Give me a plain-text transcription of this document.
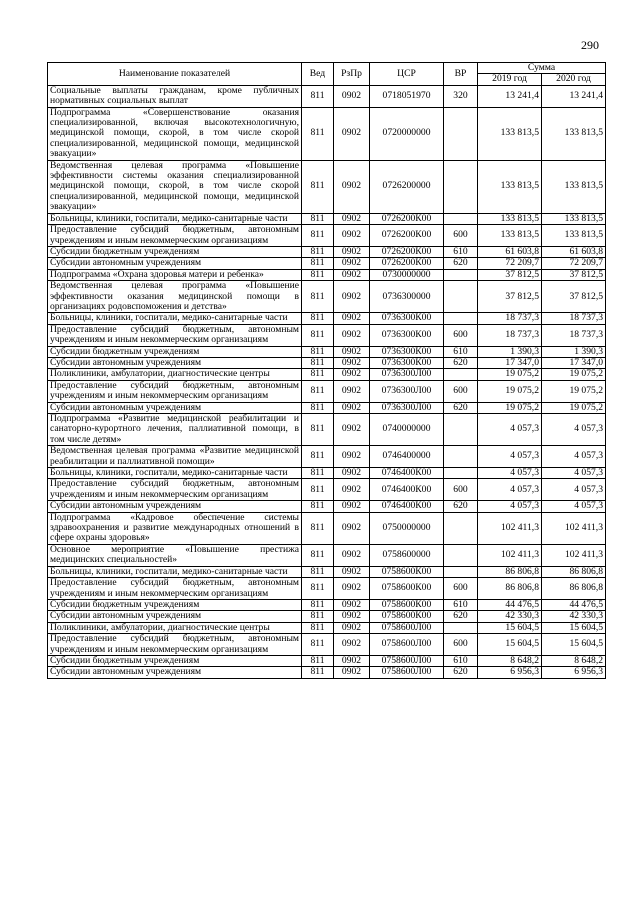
290
Наименование показателей	Вед	РзПр	ЦСР	ВР	Сумма	
					2019 год	2020 год
Социальные выплаты гражданам, кроме публичных нормативных социальных выплат	811	0902	0718051970	320	13 241,4	13 241,4
Подпрограмма «Совершенствование оказания специализированной, включая высокотехнологичную, медицинской помощи, скорой, в том числе скорой специализированной, медицинской помощи, медицинской эвакуации»	811	0902	0720000000		133 813,5	133 813,5
Ведомственная целевая программа «Повышение эффективности системы оказания специализированной медицинской помощи, скорой, в том числе скорой специализированной, медицинской помощи, медицинской эвакуации»	811	0902	0726200000		133 813,5	133 813,5
Больницы, клиники, госпитали, медико-санитарные части	811	0902	0726200К00		133 813,5	133 813,5
Предоставление субсидий бюджетным, автономным учреждениям и иным некоммерческим организациям	811	0902	0726200К00	600	133 813,5	133 813,5
Субсидии бюджетным учреждениям	811	0902	0726200К00	610	61 603,8	61 603,8
Субсидии автономным учреждениям	811	0902	0726200К00	620	72 209,7	72 209,7
Подпрограмма «Охрана здоровья матери и ребенка»	811	0902	0730000000		37 812,5	37 812,5
Ведомственная целевая программа «Повышение эффективности оказания медицинской помощи в организациях родовспоможения и детства»	811	0902	0736300000		37 812,5	37 812,5
Больницы, клиники, госпитали, медико-санитарные части	811	0902	0736300К00		18 737,3	18 737,3
Предоставление субсидий бюджетным, автономным учреждениям и иным некоммерческим организациям	811	0902	0736300К00	600	18 737,3	18 737,3
Субсидии бюджетным учреждениям	811	0902	0736300К00	610	1 390,3	1 390,3
Субсидии автономным учреждениям	811	0902	0736300К00	620	17 347,0	17 347,0
Поликлиники, амбулатории, диагностические центры	811	0902	0736300Л00		19 075,2	19 075,2
Предоставление субсидий бюджетным, автономным учреждениям и иным некоммерческим организациям	811	0902	0736300Л00	600	19 075,2	19 075,2
Субсидии автономным учреждениям	811	0902	0736300Л00	620	19 075,2	19 075,2
Подпрограмма «Развитие медицинской реабилитации и санаторно-курортного лечения, паллиативной помощи, в том числе детям»	811	0902	0740000000		4 057,3	4 057,3
Ведомственная целевая программа «Развитие медицинской реабилитации и паллиативной помощи»	811	0902	0746400000		4 057,3	4 057,3
Больницы, клиники, госпитали, медико-санитарные части	811	0902	0746400К00		4 057,3	4 057,3
Предоставление субсидий бюджетным, автономным учреждениям и иным некоммерческим организациям	811	0902	0746400К00	600	4 057,3	4 057,3
Субсидии автономным учреждениям	811	0902	0746400К00	620	4 057,3	4 057,3
Подпрограмма «Кадровое обеспечение системы здравоохранения и развитие международных отношений в сфере охраны здоровья»	811	0902	0750000000		102 411,3	102 411,3
Основное мероприятие «Повышение престижа медицинских специальностей»	811	0902	0758600000		102 411,3	102 411,3
Больницы, клиники, госпитали, медико-санитарные части	811	0902	0758600К00		86 806,8	86 806,8
Предоставление субсидий бюджетным, автономным учреждениям и иным некоммерческим организациям	811	0902	0758600К00	600	86 806,8	86 806,8
Субсидии бюджетным учреждениям	811	0902	0758600К00	610	44 476,5	44 476,5
Субсидии автономным учреждениям	811	0902	0758600К00	620	42 330,3	42 330,3
Поликлиники, амбулатории, диагностические центры	811	0902	0758600Л00		15 604,5	15 604,5
Предоставление субсидий бюджетным, автономным учреждениям и иным некоммерческим организациям	811	0902	0758600Л00	600	15 604,5	15 604,5
Субсидии бюджетным учреждениям	811	0902	0758600Л00	610	8 648,2	8 648,2
Субсидии автономным учреждениям	811	0902	0758600Л00	620	6 956,3	6 956,3
